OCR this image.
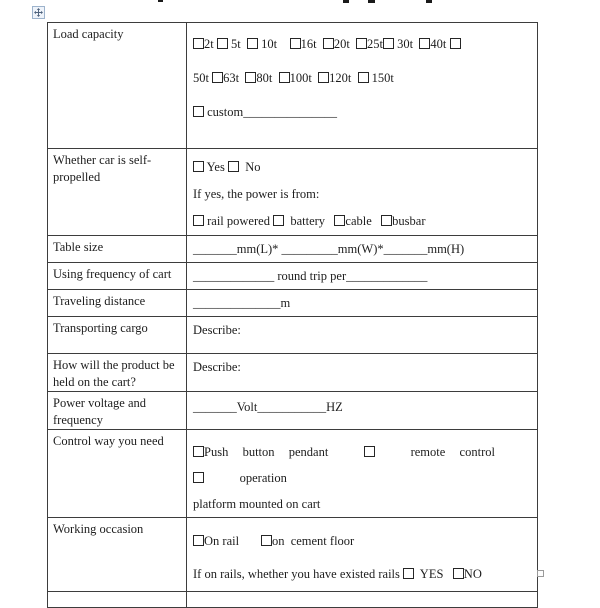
Load capacity	2t  5t   10t    16t  20t  25t 30t  40t
50t 63t  80t  100t  120t   150t
custom_______________

Whether car is self-propelled	Yes   No
If yes, the power is from:
rail powered   battery   cable   busbar

Table size	_______mm(L)* _________mm(W)*_______mm(H)

Using frequency of cart	_____________ round trip per_____________

Traveling distance	______________m

Transporting cargo	Describe:

How will the product be held on the cart?	Describe:

Power voltage and frequency	_______Volt___________HZ

Control way you need	Push  button  pendant          remote  control          operation
platform mounted on cart

Working occasion	On rail       on  cement floor
If on rails, whether you have existed rails   YES   NO
